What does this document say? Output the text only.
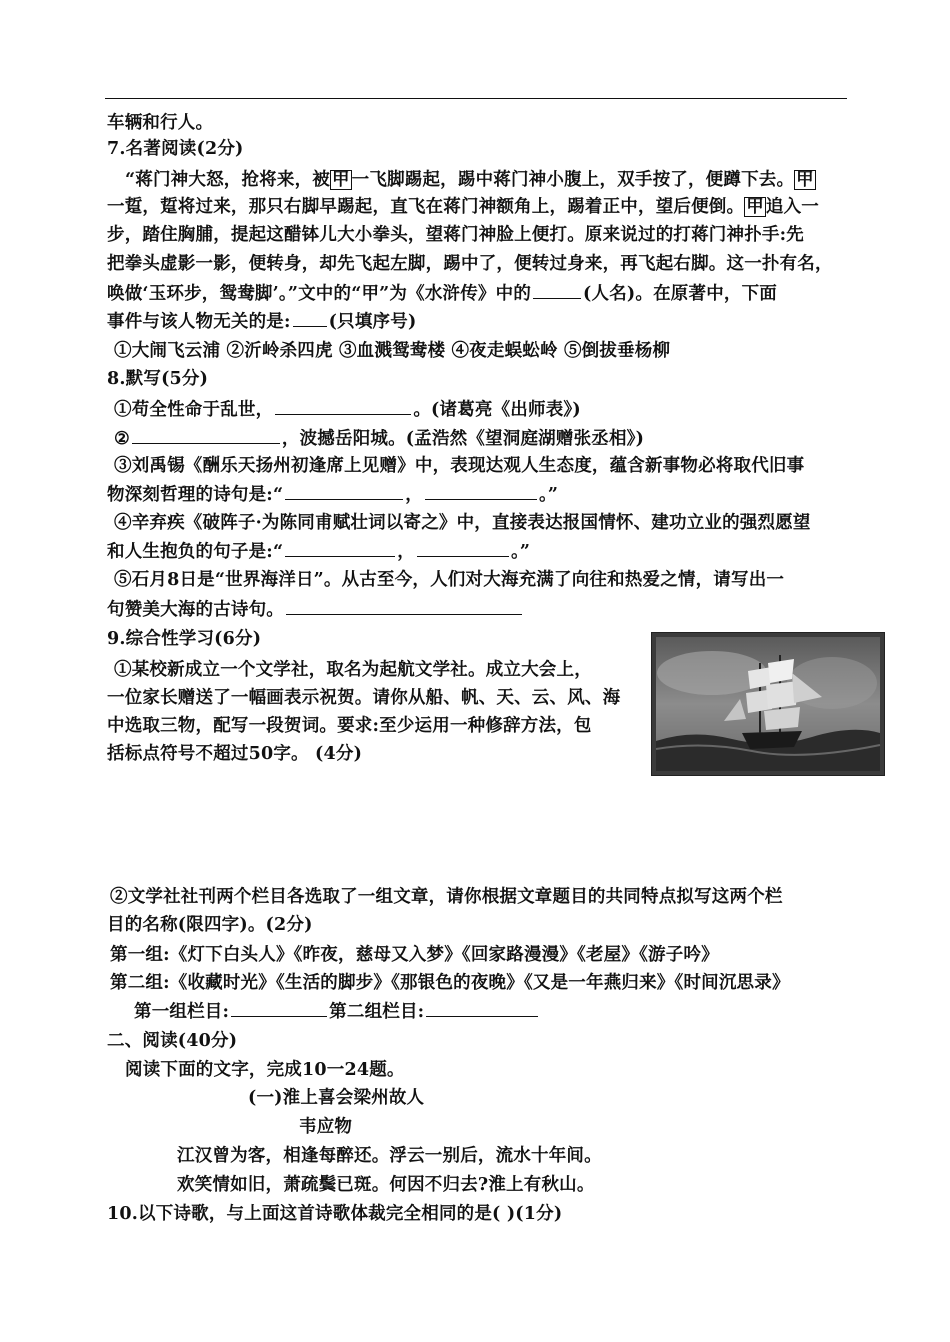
车辆和行人。
7.名著阅读(2分)
“蒋门神大怒，抢将来，被 甲 一飞脚踢起，踢中蒋门神小腹上，双手按了，便蹲下去。 甲
一踅，踅将过来，那只右脚早踢起，直飞在蒋门神额角上，踢着正中，望后便倒。 甲 追入一
步，踏住胸脯，提起这醋钵儿大小拳头，望蒋门神脸上便打。原来说过的打蒋门神扑手:先
把拳头虚影一影，便转身，却先飞起左脚，踢中了，便转过身来，再飞起右脚。这一扑有名，
唤做‘玉环步，鸳鸯脚’。”文中的“甲”为《水浒传》中的	(人名)。在原著中，下面
事件与该人物无关的是: (只填序号)
①大闹飞云浦 ②沂岭杀四虎 ③血溅鸳鸯楼 ④夜走蜈蚣岭 ⑤倒拔垂杨柳
8.默写(5分)
①苟全性命于乱世，	。(诸葛亮《出师表》)
②	，波撼岳阳城。(孟浩然《望洞庭湖赠张丞相》)
③刘禹锡《酬乐天扬州初逢席上见赠》中，表现达观人生态度，蕴含新事物必将取代旧事
物深刻哲理的诗句是:“	，	。”
④辛弃疾《破阵子·为陈同甫赋壮词以寄之》中，直接表达报国情怀、建功立业的强烈愿望
和人生抱负的句子是:“	，	。”
⑤石月8日是“世界海洋日”。从古至今，人们对大海充满了向往和热爱之情，请写出一
句赞美大海的古诗句。
9.综合性学习(6分)
①某校新成立一个文学社，取名为起航文学社。成立大会上，
一位家长赠送了一幅画表示祝贺。请你从船、帆、天、云、风、海
中选取三物，配写一段贺词。要求:至少运用一种修辞方法，包
括标点符号不超过50字。 (4分)
②文学社社刊两个栏目各选取了一组文章，请你根据文章题目的共同特点拟写这两个栏
目的名称(限四字)。(2分)
第一组:《灯下白头人》《昨夜，慈母又入梦》《回家路漫漫》《老屋》《游子吟》
第二组:《收藏时光》《生活的脚步》《那银色的夜晚》《又是一年燕归来》《时间沉思录》
第一组栏目:	第二组栏目:
二、阅读(40分)
阅读下面的文字，完成10一24题。
(一)淮上喜会梁州故人
韦应物
江汉曾为客，相逢每醉还。浮云一别后，流水十年间。
欢笑情如旧，萧疏鬓已斑。何因不归去?淮上有秋山。
10.以下诗歌，与上面这首诗歌体裁完全相同的是( )(1分)
